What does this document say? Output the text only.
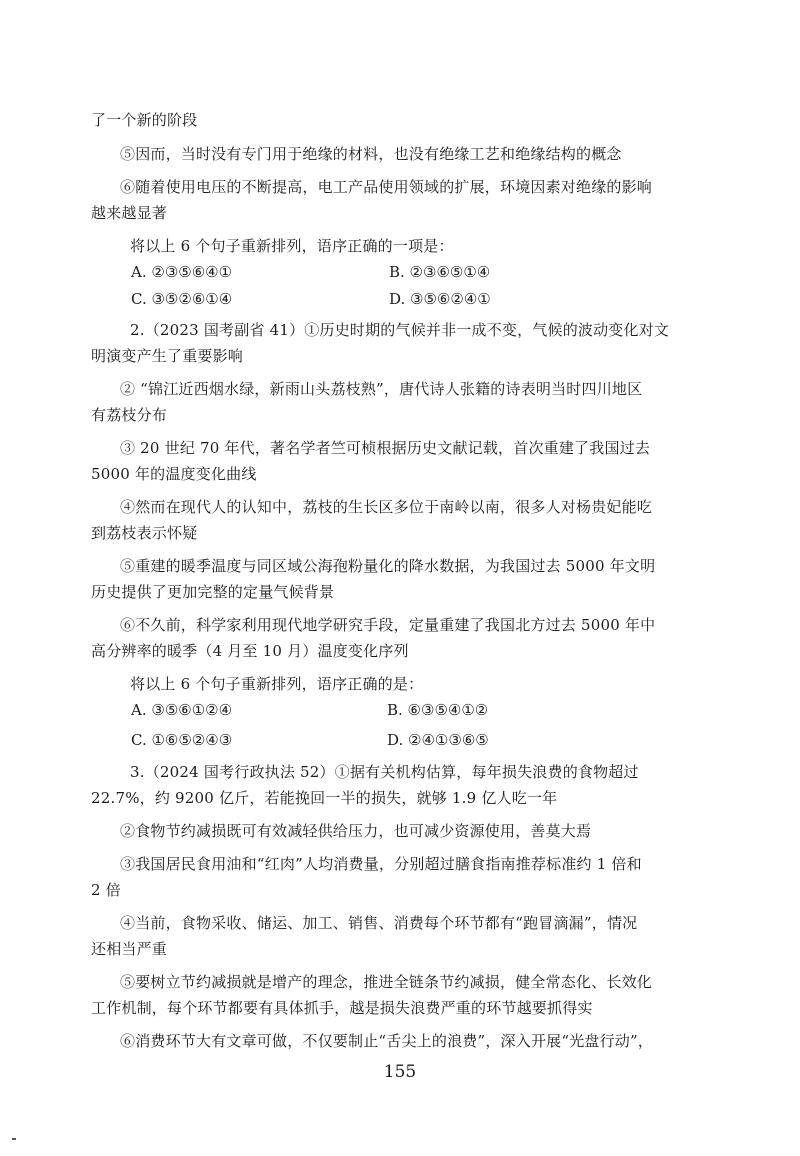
了一个新的阶段
⑤因而，当时没有专门用于绝缘的材料，也没有绝缘工艺和绝缘结构的概念
⑥随着使用电压的不断提高，电工产品使用领域的扩展，环境因素对绝缘的影响
越来越显著
将以上 6 个句子重新排列，语序正确的一项是：
A. ②③⑤⑥④①	B. ②③⑥⑤①④
C. ③⑤②⑥①④	D. ③⑤⑥②④①
2.（2023 国考副省 41）①历史时期的气候并非一成不变，气候的波动变化对文
明演变产生了重要影响
② “锦江近西烟水绿，新雨山头荔枝熟”，唐代诗人张籍的诗表明当时四川地区
有荔枝分布
③ 20 世纪 70 年代，著名学者竺可桢根据历史文献记载，首次重建了我国过去
5000 年的温度变化曲线
④然而在现代人的认知中，荔枝的生长区多位于南岭以南，很多人对杨贵妃能吃
到荔枝表示怀疑
⑤重建的暖季温度与同区域公海孢粉量化的降水数据，为我国过去 5000 年文明
历史提供了更加完整的定量气候背景
⑥不久前，科学家利用现代地学研究手段，定量重建了我国北方过去 5000 年中
高分辨率的暖季（4 月至 10 月）温度变化序列
将以上 6 个句子重新排列，语序正确的是：
A. ③⑤⑥①②④	B. ⑥③⑤④①②
C. ①⑥⑤②④③	D. ②④①③⑥⑤
3.（2024 国考行政执法 52）①据有关机构估算，每年损失浪费的食物超过
22.7%，约 9200 亿斤，若能挽回一半的损失，就够 1.9 亿人吃一年
②食物节约减损既可有效减轻供给压力，也可减少资源使用，善莫大焉
③我国居民食用油和“红肉”人均消费量，分别超过膳食指南推荐标准约 1 倍和
2 倍
④当前，食物采收、储运、加工、销售、消费每个环节都有“跑冒滴漏”，情况
还相当严重
⑤要树立节约减损就是增产的理念，推进全链条节约减损，健全常态化、长效化
工作机制，每个环节都要有具体抓手，越是损失浪费严重的环节越要抓得实
⑥消费环节大有文章可做，不仅要制止“舌尖上的浪费”，深入开展“光盘行动”，
155
